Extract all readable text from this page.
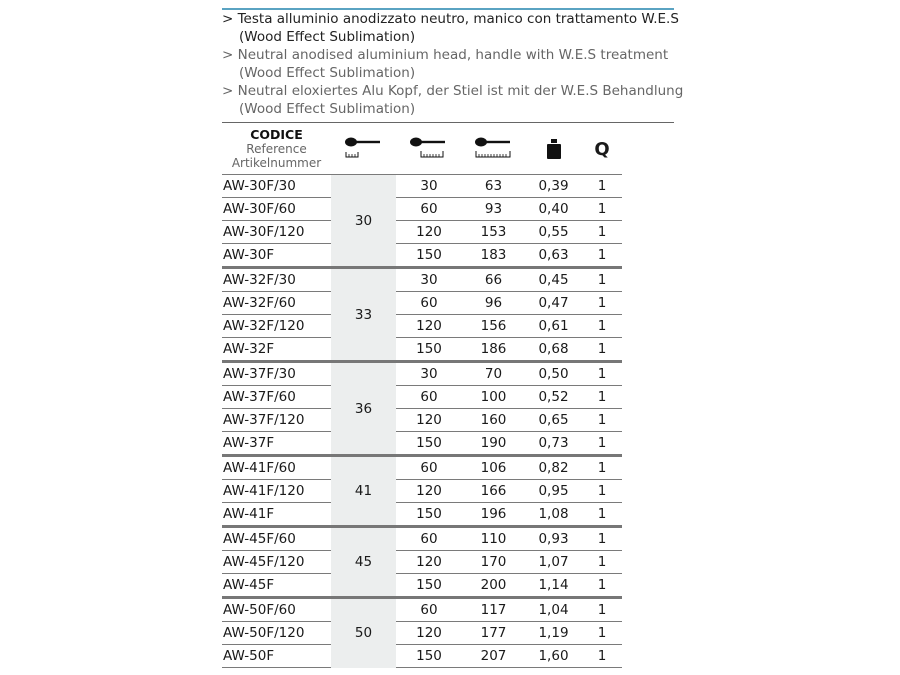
> Testa alluminio anodizzato neutro, manico con trattamento W.E.S
(Wood Effect Sublimation)
> Neutral anodised aluminium head, handle with W.E.S treatment
(Wood Effect Sublimation)
> Neutral eloxiertes Alu Kopf, der Stiel ist mit der W.E.S Behandlung
(Wood Effect Sublimation)
CODICE
Reference
Artikelnummer					Q
AW-30F/30	30	30	63	0,39	1
AW-30F/60		60	93	0,40	1
AW-30F/120		120	153	0,55	1
AW-30F		150	183	0,63	1
AW-32F/30	33	30	66	0,45	1
AW-32F/60		60	96	0,47	1
AW-32F/120		120	156	0,61	1
AW-32F		150	186	0,68	1
AW-37F/30	36	30	70	0,50	1
AW-37F/60		60	100	0,52	1
AW-37F/120		120	160	0,65	1
AW-37F		150	190	0,73	1
AW-41F/60	41	60	106	0,82	1
AW-41F/120		120	166	0,95	1
AW-41F		150	196	1,08	1
AW-45F/60	45	60	110	0,93	1
AW-45F/120		120	170	1,07	1
AW-45F		150	200	1,14	1
AW-50F/60	50	60	117	1,04	1
AW-50F/120		120	177	1,19	1
AW-50F		150	207	1,60	1
